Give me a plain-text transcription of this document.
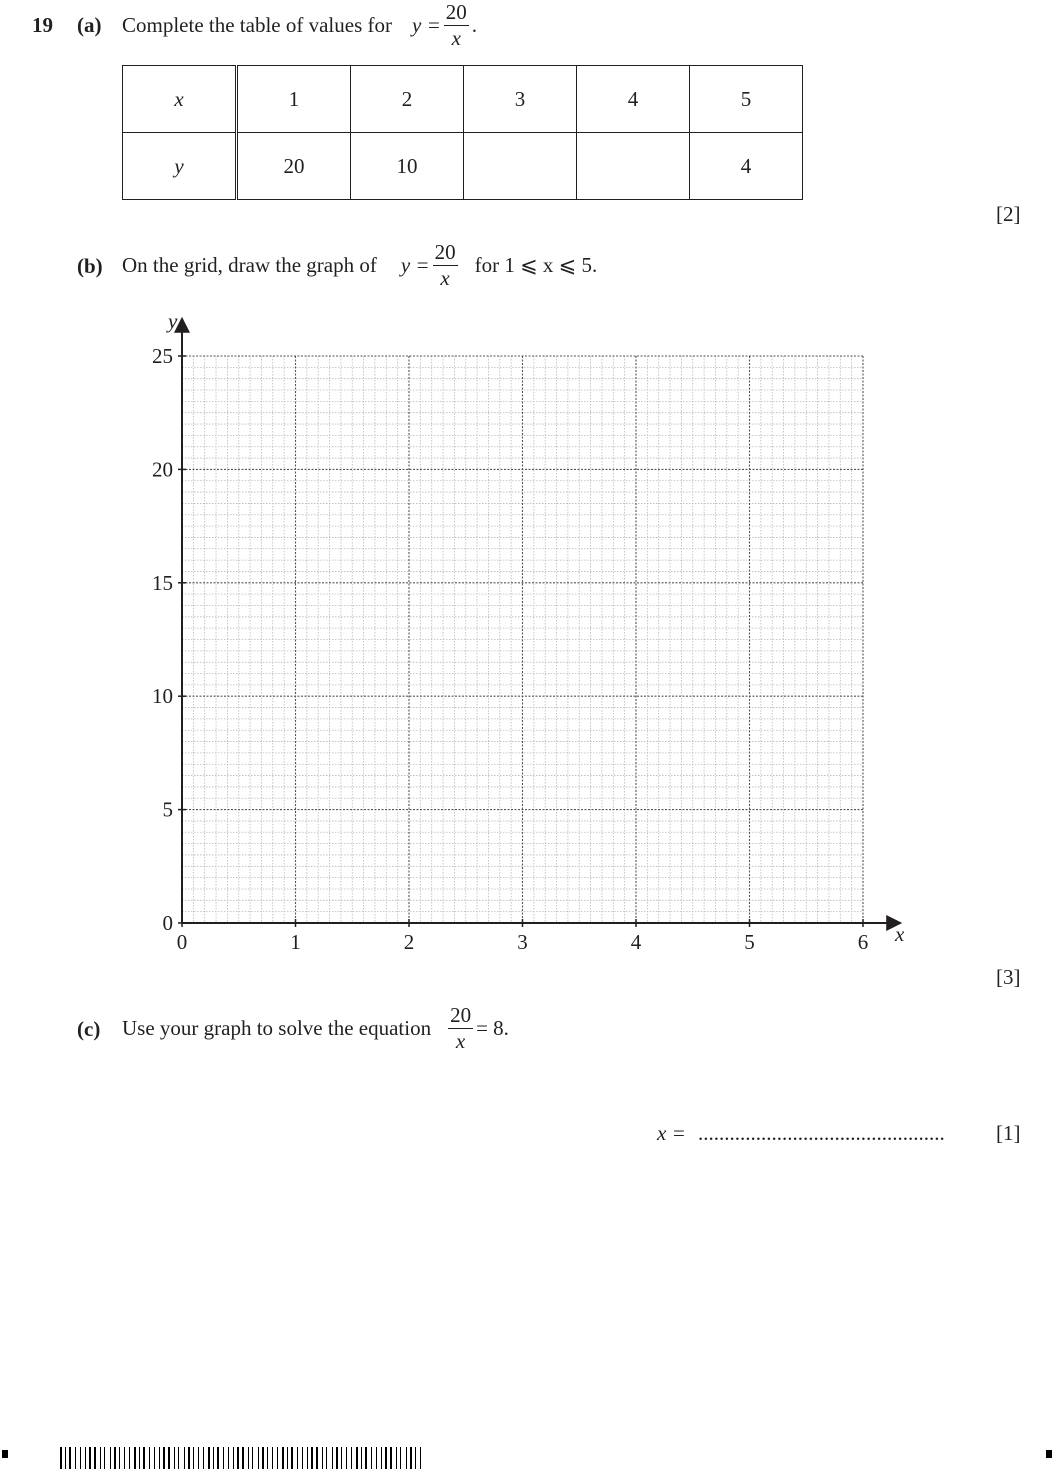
19 (a) Complete the table of values for $y = \frac{20}{x}$ .
x	1	2	3	4	5
y	20	10			4
[2]
(b) On the grid, draw the graph of $y = \frac{20}{x}$ for 1 ⩽ x ⩽ 5.
y
x
0	1	2	3	4	5	6
0
5
10
15
20
25
[3]
(c) Use your graph to solve the equation $\frac{20}{x} = 8$.
x = ...............................................	[1]
